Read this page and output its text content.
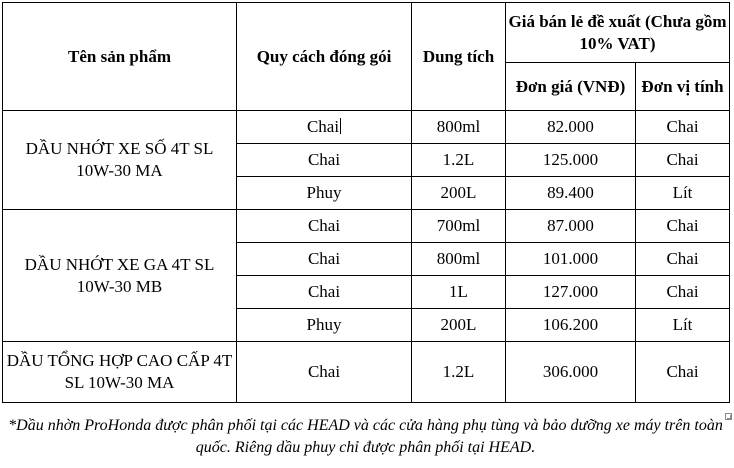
Tên sản phẩm	Quy cách đóng gói	Dung tích	Giá bán lẻ đề xuất (Chưa gồm 10% VAT)	
			Đơn giá (VNĐ)	Đơn vị tính
DẦU NHỚT XE SỐ 4T SL 10W-30 MA	Chai	800ml	82.000	Chai
	Chai	1.2L	125.000	Chai
	Phuy	200L	89.400	Lít
DẦU NHỚT XE GA 4T SL 10W-30 MB	Chai	700ml	87.000	Chai
	Chai	800ml	101.000	Chai
	Chai	1L	127.000	Chai
	Phuy	200L	106.200	Lít
DẦU TỔNG HỢP CAO CẤP 4T SL 10W-30 MA	Chai	1.2L	306.000	Chai
*Dầu nhờn ProHonda được phân phối tại các HEAD và các cửa hàng phụ tùng và bảo dưỡng xe máy trên toàn quốc. Riêng dầu phuy chỉ được phân phối tại HEAD.
